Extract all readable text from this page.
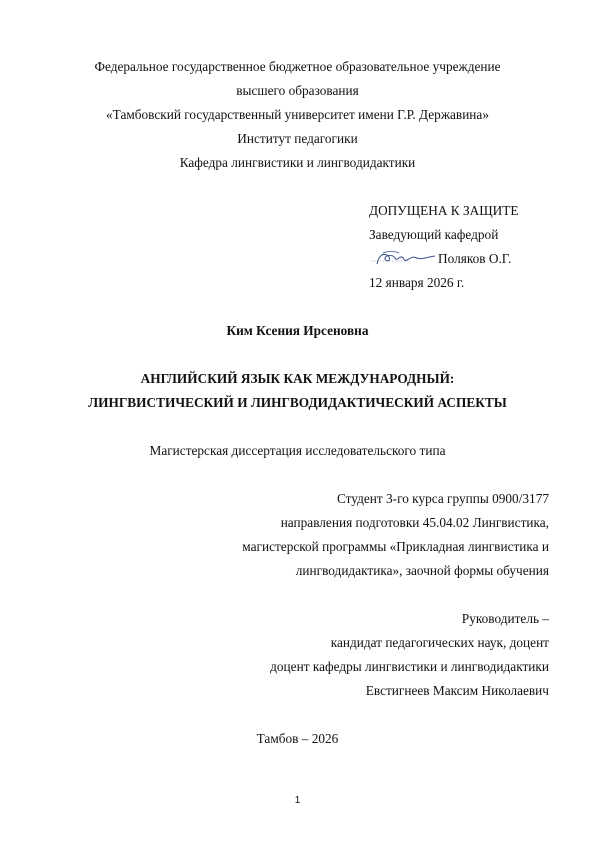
Федеральное государственное бюджетное образовательное учреждение
высшего образования
«Тамбовский государственный университет имени Г.Р. Державина»
Институт педагогики
Кафедра лингвистики и лингводидактики
ДОПУЩЕНА К ЗАЩИТЕ
Заведующий кафедрой
Поляков О.Г.
12 января 2026 г.
Ким Ксения Ирсеновна
АНГЛИЙСКИЙ ЯЗЫК КАК МЕЖДУНАРОДНЫЙ:
ЛИНГВИСТИЧЕСКИЙ И ЛИНГВОДИДАКТИЧЕСКИЙ АСПЕКТЫ
Магистерская диссертация исследовательского типа
Студент 3-го курса группы 0900/3177
направления подготовки 45.04.02 Лингвистика,
магистерской программы «Прикладная лингвистика и
лингводидактика», заочной формы обучения
Руководитель –
кандидат педагогических наук, доцент
доцент кафедры лингвистики и лингводидактики
Евстигнеев Максим Николаевич
Тамбов – 2026
1
